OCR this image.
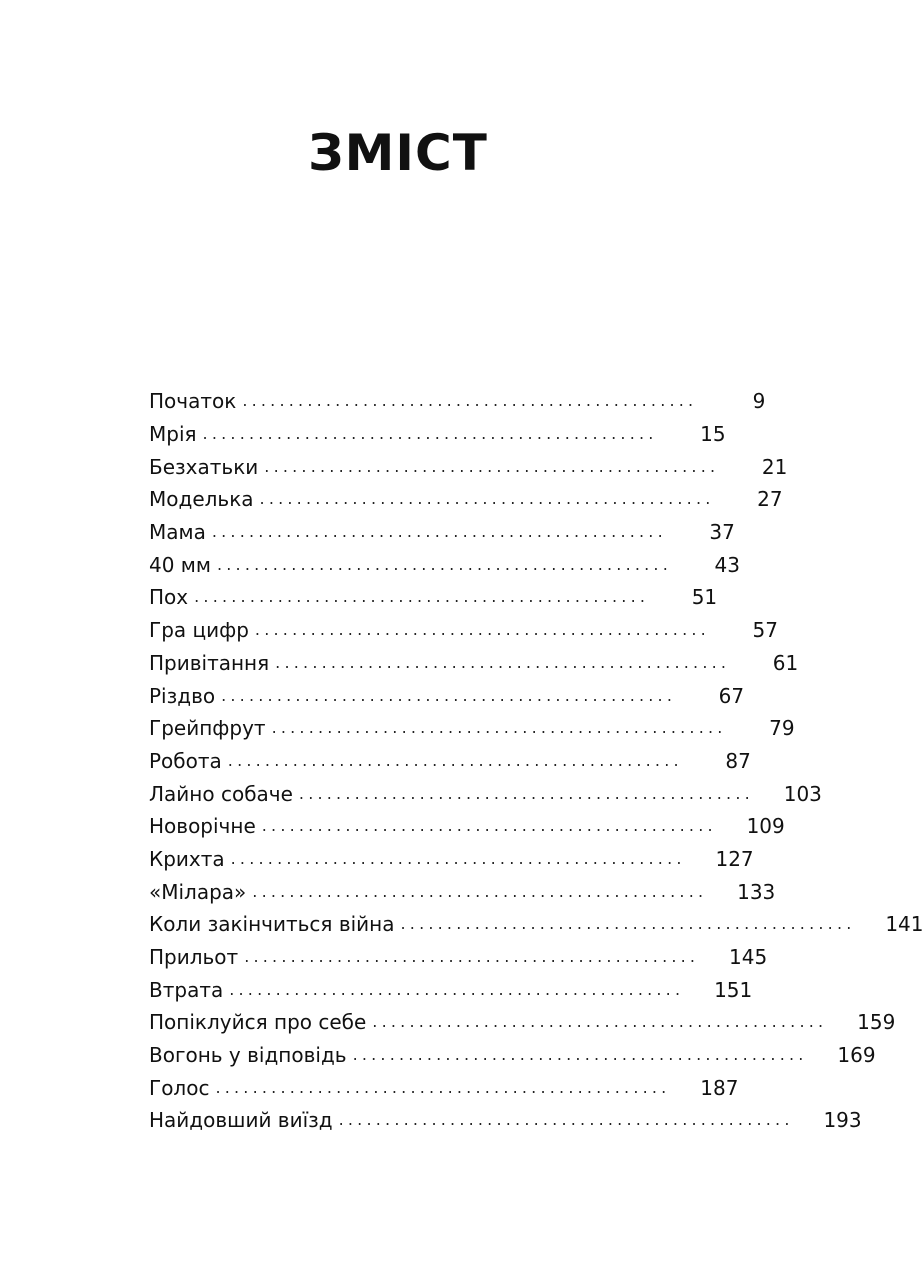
ЗМІСТ
Початок .................................................	9
Мрія .................................................	15
Безхатьки .................................................	21
Моделька .................................................	27
Мама .................................................	37
40 мм .................................................	43
Пох .................................................	51
Гра цифр .................................................	57
Привітання .................................................	61
Різдво .................................................	67
Грейпфрут .................................................	79
Робота .................................................	87
Лайно собаче ................................................. 103
Новорічне ................................................. 109
Крихта ................................................. 127
«Мілара» ................................................. 133
Коли закінчиться війна ................................................. 141
Прильот ................................................. 145
Втрата ................................................. 151
Попіклуйся про себе ................................................. 159
Вогонь у відповідь ................................................. 169
Голос ................................................. 187
Найдовший виїзд ................................................. 193
